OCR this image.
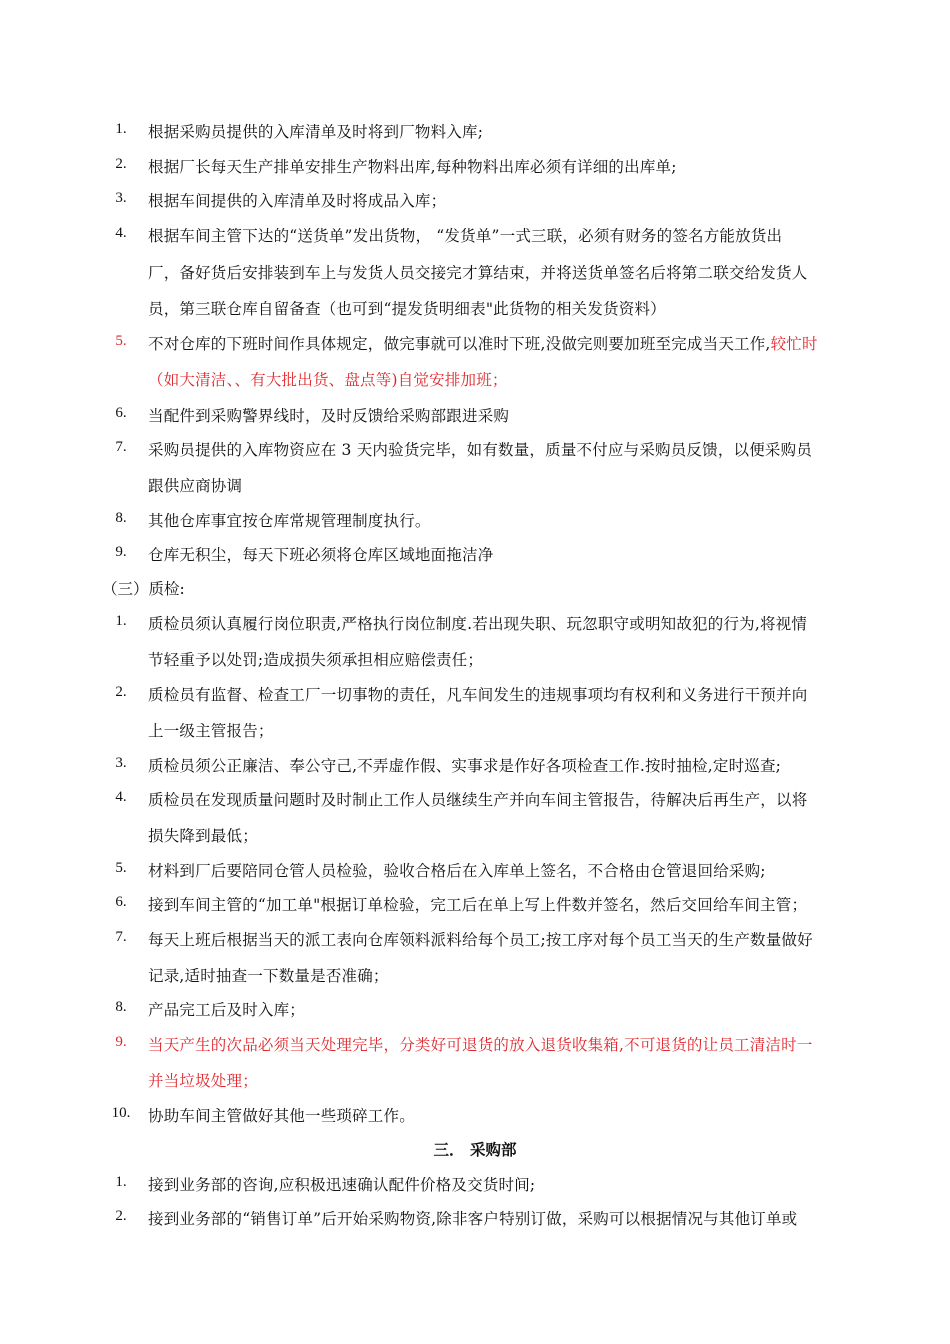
1.	根据采购员提供的入库清单及时将到厂物料入库;
2.	根据厂长每天生产排单安排生产物料出库,每种物料出库必须有详细的出库单;
3.	根据车间提供的入库清单及时将成品入库；
4.	根据车间主管下达的“送货单”发出货物， “发货单”一式三联，必须有财务的签名方能放货出
厂，备好货后安排装到车上与发货人员交接完才算结束，并将送货单签名后将第二联交给发货人
员，第三联仓库自留备查（也可到“提发货明细表"此货物的相关发货资料）
5.	不对仓库的下班时间作具体规定，做完事就可以准时下班,没做完则要加班至完成当天工作,较忙时
（如大清洁、、有大批出货、盘点等)自觉安排加班；
6.	当配件到采购警界线时，及时反馈给采购部跟进采购
7.	采购员提供的入库物资应在 3 天内验货完毕，如有数量，质量不付应与采购员反馈，以便采购员
跟供应商协调
8.	其他仓库事宜按仓库常规管理制度执行。
9.	仓库无积尘，每天下班必须将仓库区域地面拖洁净
（三）质检:
1.	质检员须认真履行岗位职责,严格执行岗位制度.若出现失职、玩忽职守或明知故犯的行为,将视情
节轻重予以处罚;造成损失须承担相应赔偿责任；
2.	质检员有监督、检查工厂一切事物的责任，凡车间发生的违规事项均有权利和义务进行干预并向
上一级主管报告；
3.	质检员须公正廉洁、奉公守己,不弄虚作假、实事求是作好各项检查工作.按时抽检,定时巡查;
4.	质检员在发现质量问题时及时制止工作人员继续生产并向车间主管报告，待解决后再生产，以将
损失降到最低；
5.	材料到厂后要陪同仓管人员检验，验收合格后在入库单上签名，不合格由仓管退回给采购;
6.	接到车间主管的“加工单"根据订单检验，完工后在单上写上件数并签名，然后交回给车间主管；
7.	每天上班后根据当天的派工表向仓库领料派料给每个员工;按工序对每个员工当天的生产数量做好
记录,适时抽查一下数量是否准确；
8.	产品完工后及时入库；
9.	当天产生的次品必须当天处理完毕，分类好可退货的放入退货收集箱,不可退货的让员工清洁时一
并当垃圾处理；
10.	协助车间主管做好其他一些琐碎工作。
三． 采购部
1.	接到业务部的咨询,应积极迅速确认配件价格及交货时间;
2.	接到业务部的“销售订单”后开始采购物资,除非客户特别订做，采购可以根据情况与其他订单或
